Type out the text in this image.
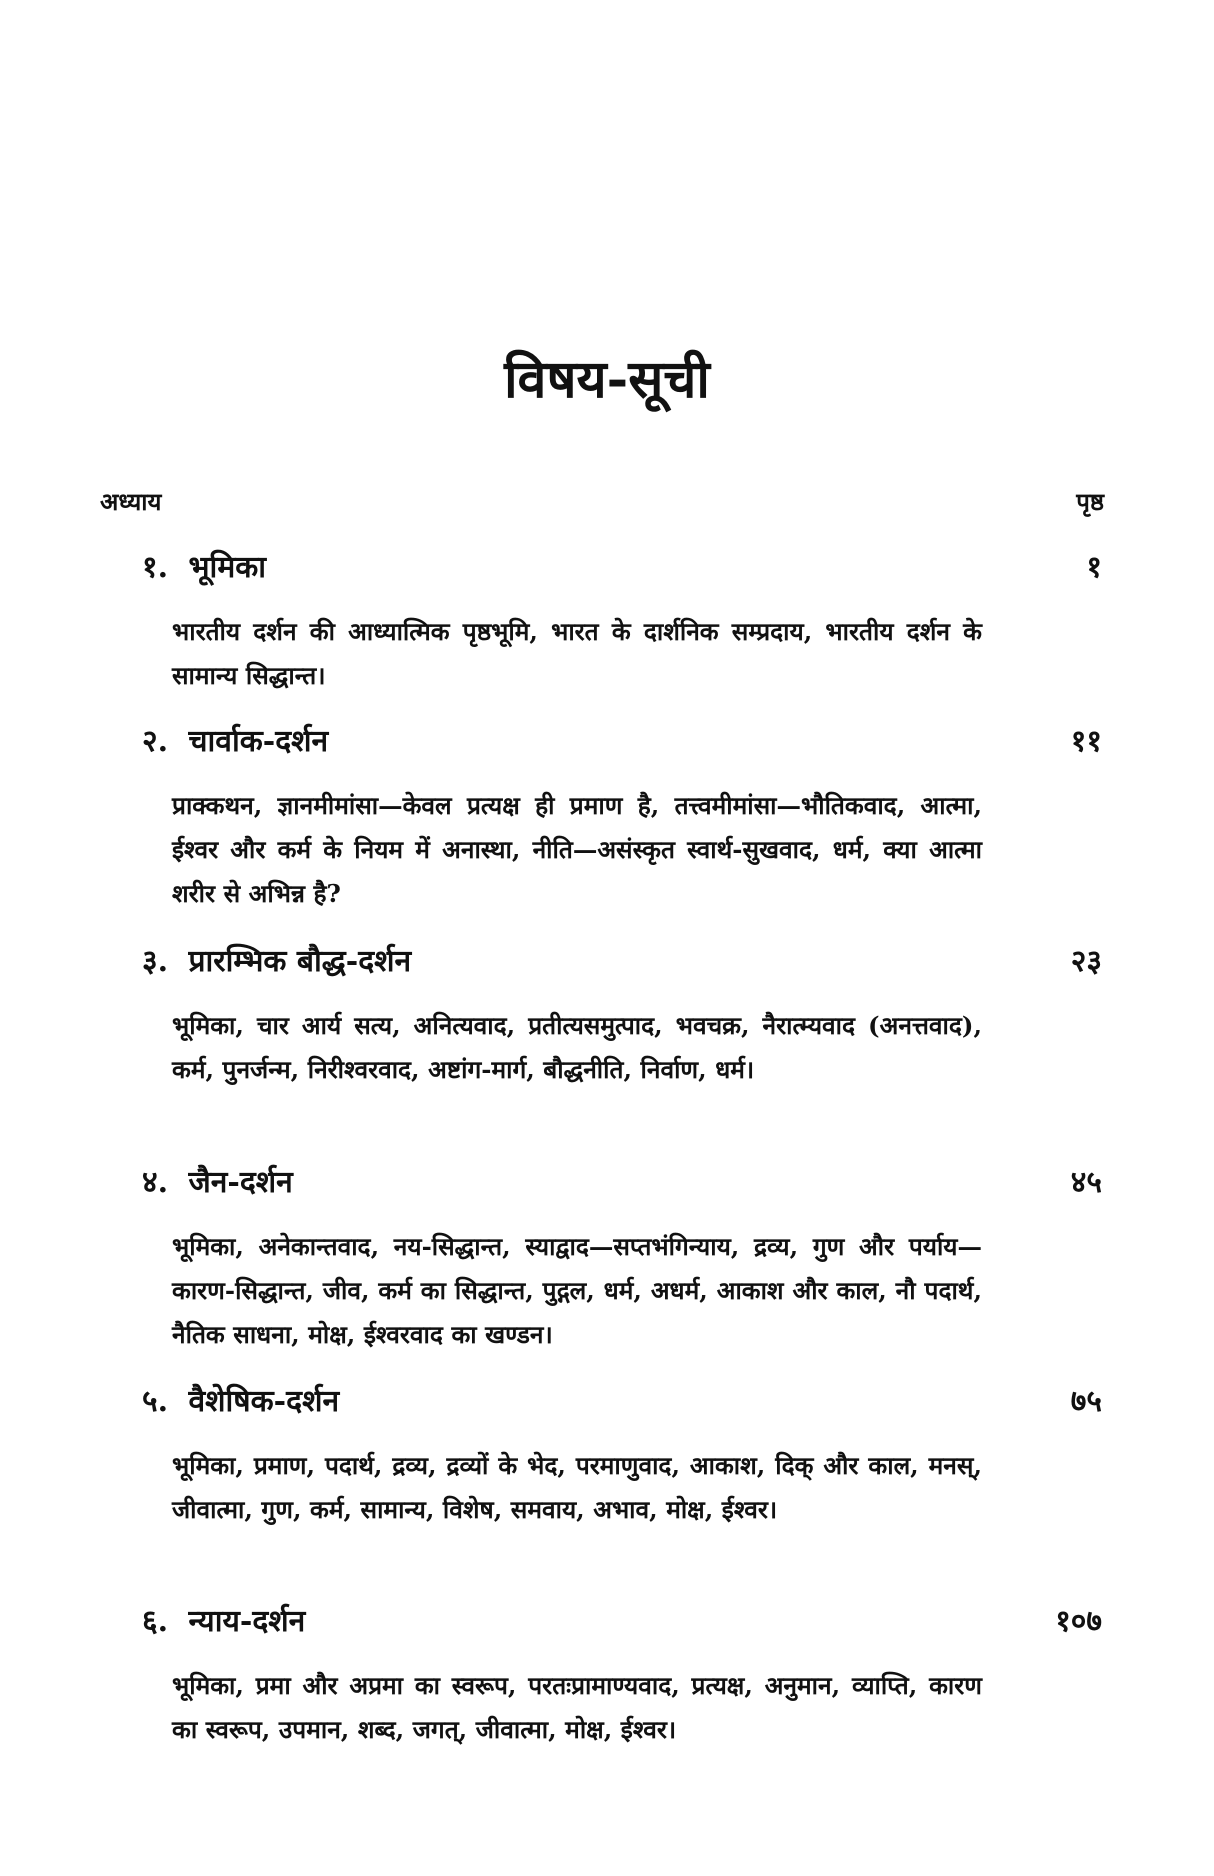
विषय-सूची
अध्याय	पृष्ठ
१. भूमिका	१
भारतीय दर्शन की आध्यात्मिक पृष्ठभूमि, भारत के दार्शनिक सम्प्रदाय, भारतीय दर्शन के सामान्य सिद्धान्त।
२. चार्वाक-दर्शन	११
प्राक्कथन, ज्ञानमीमांसा—केवल प्रत्यक्ष ही प्रमाण है, तत्त्वमीमांसा—भौतिकवाद, आत्मा, ईश्वर और कर्म के नियम में अनास्था, नीति—असंस्कृत स्वार्थ-सुखवाद, धर्म, क्या आत्मा शरीर से अभिन्न है?
३. प्रारम्भिक बौद्ध-दर्शन	२३
भूमिका, चार आर्य सत्य, अनित्यवाद, प्रतीत्यसमुत्पाद, भवचक्र, नैरात्म्यवाद (अनत्तवाद), कर्म, पुनर्जन्म, निरीश्वरवाद, अष्टांग-मार्ग, बौद्धनीति, निर्वाण, धर्म।
४. जैन-दर्शन	४५
भूमिका, अनेकान्तवाद, नय-सिद्धान्त, स्याद्वाद—सप्तभंगिन्याय, द्रव्य, गुण और पर्याय—कारण-सिद्धान्त, जीव, कर्म का सिद्धान्त, पुद्गल, धर्म, अधर्म, आकाश और काल, नौ पदार्थ, नैतिक साधना, मोक्ष, ईश्वरवाद का खण्डन।
५. वैशेषिक-दर्शन	७५
भूमिका, प्रमाण, पदार्थ, द्रव्य, द्रव्यों के भेद, परमाणुवाद, आकाश, दिक् और काल, मनस्, जीवात्मा, गुण, कर्म, सामान्य, विशेष, समवाय, अभाव, मोक्ष, ईश्वर।
६. न्याय-दर्शन	१०७
भूमिका, प्रमा और अप्रमा का स्वरूप, परतःप्रामाण्यवाद, प्रत्यक्ष, अनुमान, व्याप्ति, कारण का स्वरूप, उपमान, शब्द, जगत्, जीवात्मा, मोक्ष, ईश्वर।
